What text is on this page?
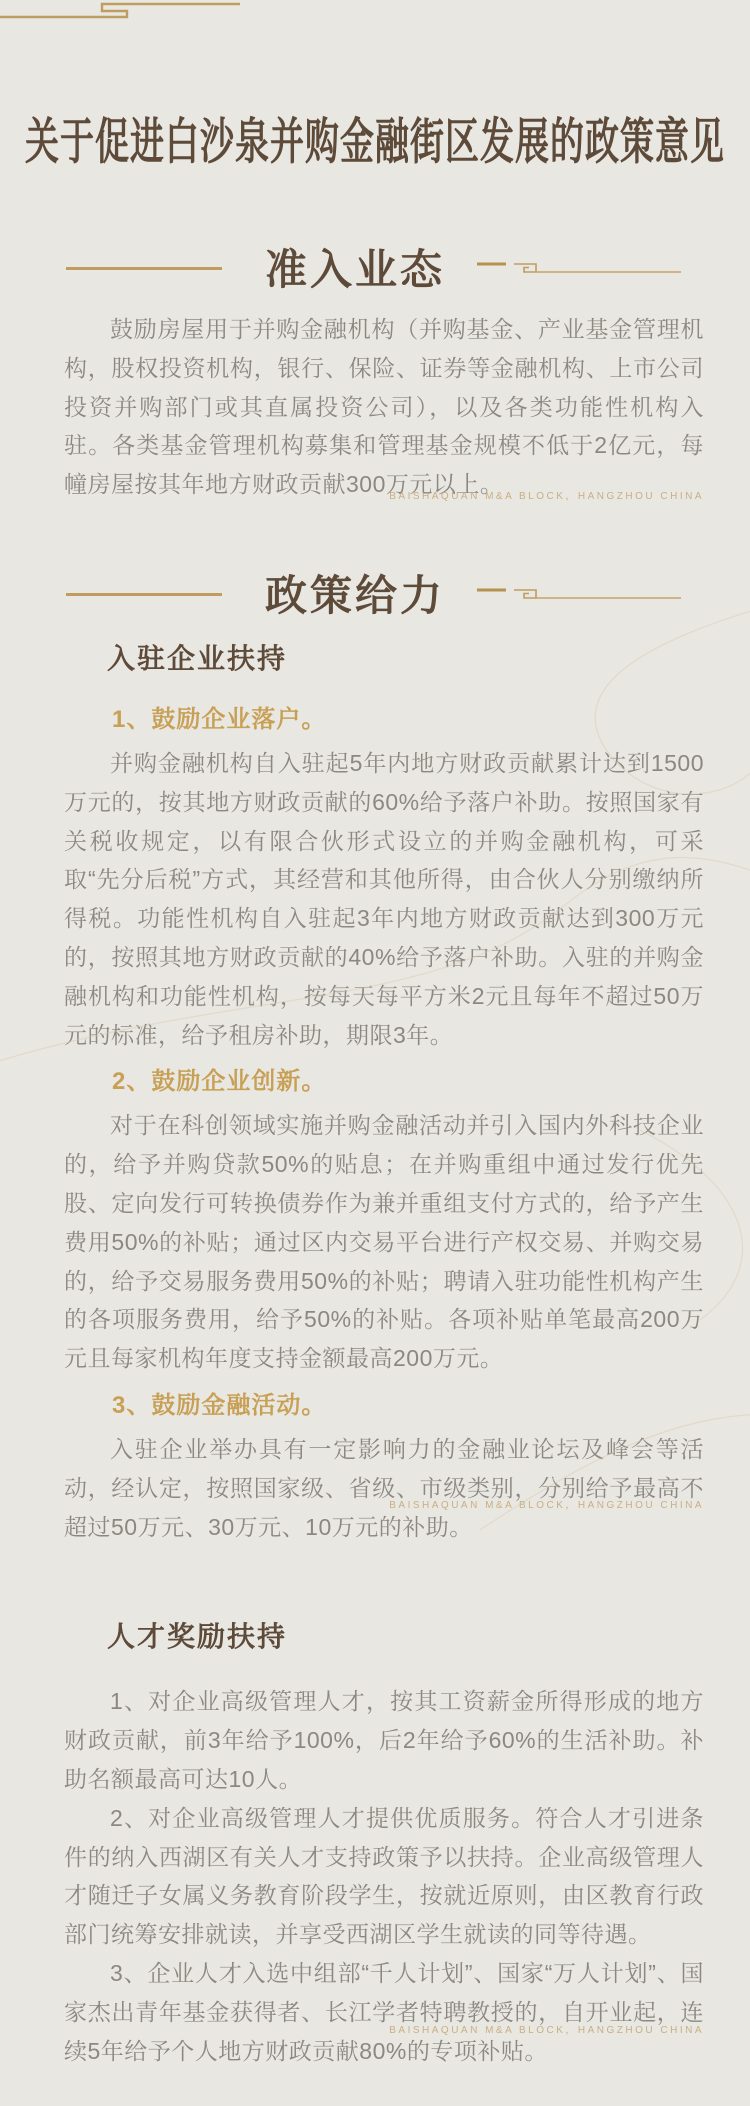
关于促进白沙泉并购金融街区发展的政策意见
准入业态

鼓励房屋用于并购金融机构（并购基金、产业基金管理机构，股权投资机构，银行、保险、证券等金融机构、上市公司投资并购部门或其直属投资公司），以及各类功能性机构入驻。各类基金管理机构募集和管理基金规模不低于2亿元，每幢房屋按其年地方财政贡献300万元以上。

BAISHAQUAN M&A BLOCK，HANGZHOU CHINA
政策给力
入驻企业扶持
1、鼓励企业落户。

并购金融机构自入驻起5年内地方财政贡献累计达到1500万元的，按其地方财政贡献的60%给予落户补助。按照国家有关税收规定，以有限合伙形式设立的并购金融机构，可采取“先分后税”方式，其经营和其他所得，由合伙人分别缴纳所得税。功能性机构自入驻起3年内地方财政贡献达到300万元的，按照其地方财政贡献的40%给予落户补助。入驻的并购金融机构和功能性机构，按每天每平方米2元且每年不超过50万元的标准，给予租房补助，期限3年。

2、鼓励企业创新。

对于在科创领域实施并购金融活动并引入国内外科技企业的，给予并购贷款50%的贴息；在并购重组中通过发行优先股、定向发行可转换债券作为兼并重组支付方式的，给予产生费用50%的补贴；通过区内交易平台进行产权交易、并购交易的，给予交易服务费用50%的补贴；聘请入驻功能性机构产生的各项服务费用，给予50%的补贴。各项补贴单笔最高200万元且每家机构年度支持金额最高200万元。

3、鼓励金融活动。

入驻企业举办具有一定影响力的金融业论坛及峰会等活动，经认定，按照国家级、省级、市级类别，分别给予最高不超过50万元、30万元、10万元的补助。

BAISHAQUAN M&A BLOCK，HANGZHOU CHINA
人才奖励扶持

1、对企业高级管理人才，按其工资薪金所得形成的地方财政贡献，前3年给予100%，后2年给予60%的生活补助。补助名额最高可达10人。

2、对企业高级管理人才提供优质服务。符合人才引进条件的纳入西湖区有关人才支持政策予以扶持。企业高级管理人才随迁子女属义务教育阶段学生，按就近原则，由区教育行政部门统筹安排就读，并享受西湖区学生就读的同等待遇。

3、企业人才入选中组部“千人计划”、国家“万人计划”、国家杰出青年基金获得者、长江学者特聘教授的，自开业起，连续5年给予个人地方财政贡献80%的专项补贴。

BAISHAQUAN M&A BLOCK，HANGZHOU CHINA
